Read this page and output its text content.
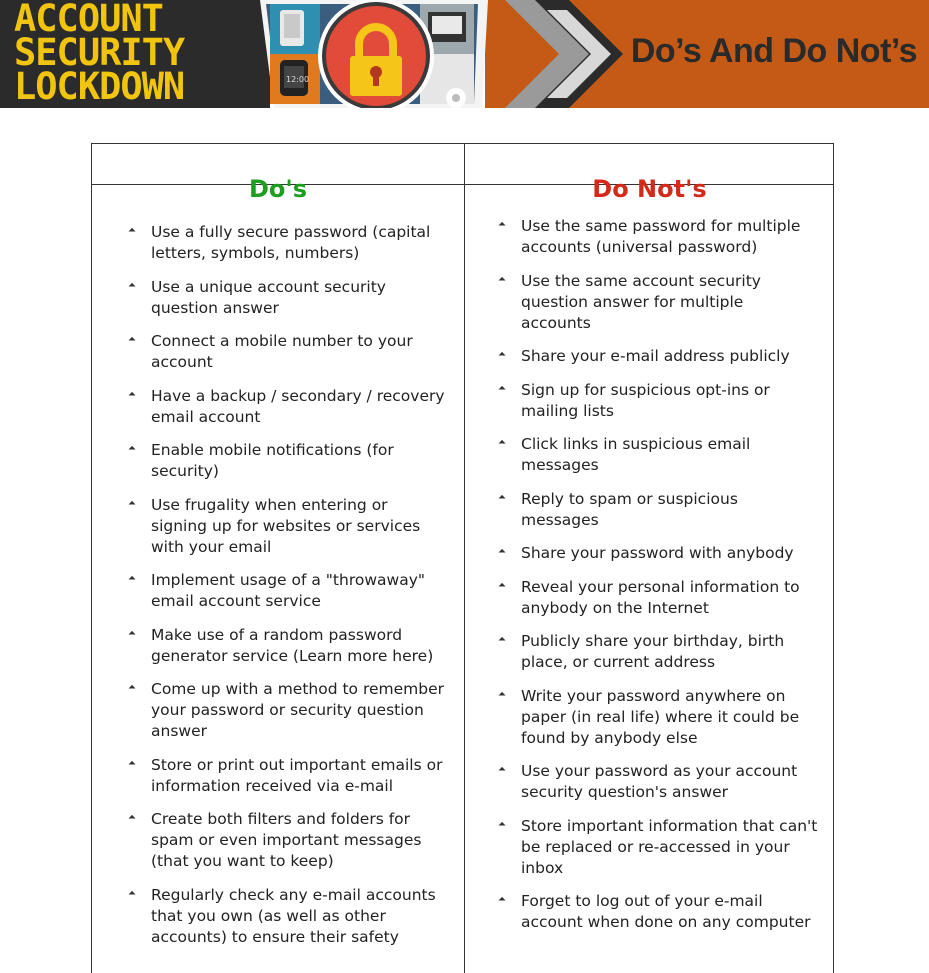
ACCOUNT
SECURITY
LOCKDOWN	12:00
Do’s And Do Not’s
Do's	Do Not's
⏶ Use a fully secure password (capital letters, symbols, numbers)
⏶ Use a unique account security question answer
⏶ Connect a mobile number to your account
⏶ Have a backup / secondary / recovery email account
⏶ Enable mobile notifications (for security)
⏶ Use frugality when entering or signing up for websites or services with your email
⏶ Implement usage of a "throwaway" email account service
⏶ Make use of a random password generator service (Learn more here)
⏶ Come up with a method to remember your password or security question answer
⏶ Store or print out important emails or information received via e-mail
⏶ Create both filters and folders for spam or even important messages (that you want to keep)
⏶ Regularly check any e-mail accounts that you own (as well as other accounts) to ensure their safety
⏶ Use the same password for multiple accounts (universal password)
⏶ Use the same account security question answer for multiple accounts
⏶ Share your e-mail address publicly
⏶ Sign up for suspicious opt-ins or mailing lists
⏶ Click links in suspicious email messages
⏶ Reply to spam or suspicious messages
⏶ Share your password with anybody
⏶ Reveal your personal information to anybody on the Internet
⏶ Publicly share your birthday, birth place, or current address
⏶ Write your password anywhere on paper (in real life) where it could be found by anybody else
⏶ Use your password as your account security question's answer
⏶ Store important information that can't be replaced or re-accessed in your inbox
⏶ Forget to log out of your e-mail account when done on any computer
